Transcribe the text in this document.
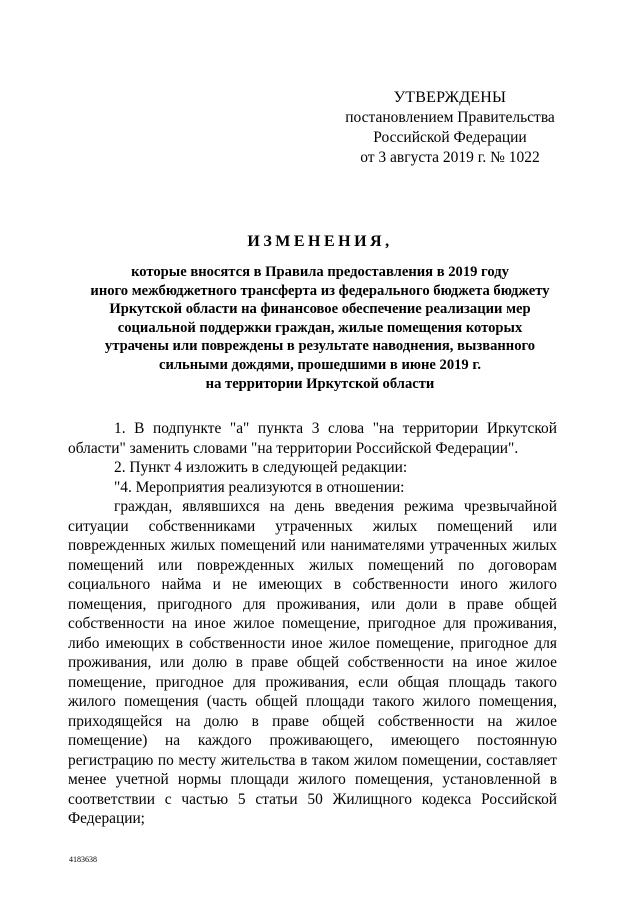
УТВЕРЖДЕНЫ
постановлением Правительства
Российской Федерации
от 3 августа 2019 г. № 1022
ИЗМЕНЕНИЯ,
которые вносятся в Правила предоставления в 2019 году
иного межбюджетного трансферта из федерального бюджета бюджету
Иркутской области на финансовое обеспечение реализации мер
социальной поддержки граждан, жилые помещения которых
утрачены или повреждены в результате наводнения, вызванного
сильными дождями, прошедшими в июне 2019 г.
на территории Иркутской области

1. В подпункте "а" пункта 3 слова "на территории Иркутской области" заменить словами "на территории Российской Федерации".

2. Пункт 4 изложить в следующей редакции:

"4. Мероприятия реализуются в отношении:

граждан, являвшихся на день введения режима чрезвычайной ситуации собственниками утраченных жилых помещений или поврежденных жилых помещений или нанимателями утраченных жилых помещений или поврежденных жилых помещений по договорам социального найма и не имеющих в собственности иного жилого помещения, пригодного для проживания, или доли в праве общей собственности на иное жилое помещение, пригодное для проживания, либо имеющих в собственности иное жилое помещение, пригодное для проживания, или долю в праве общей собственности на иное жилое помещение, пригодное для проживания, если общая площадь такого жилого помещения (часть общей площади такого жилого помещения, приходящейся на долю в праве общей собственности на жилое помещение) на каждого проживающего, имеющего постоянную регистрацию по месту жительства в таком жилом помещении, составляет менее учетной нормы площади жилого помещения, установленной в соответствии с частью 5 статьи 50 Жилищного кодекса Российской Федерации;

4183638
